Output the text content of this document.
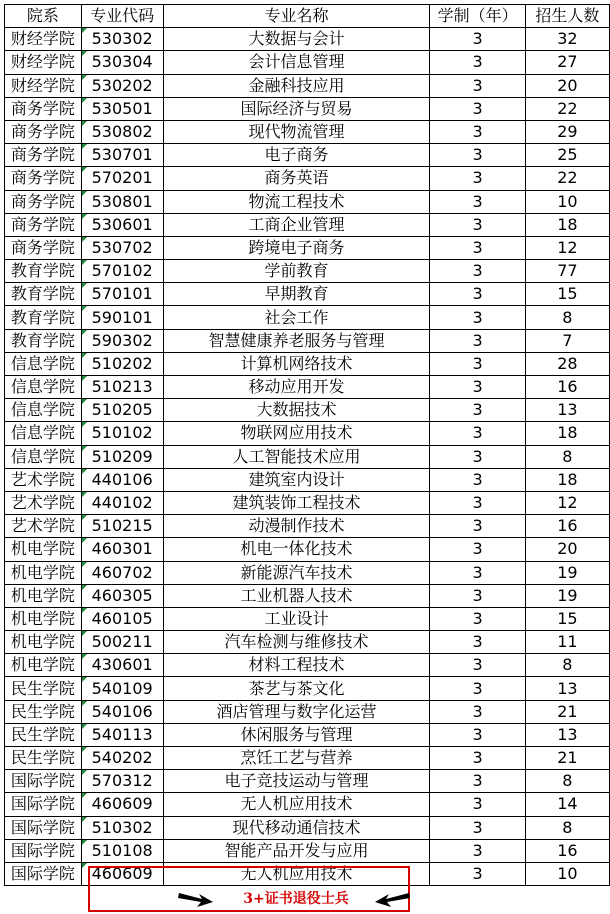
院系	专业代码	专业名称	学制（年）	招生人数
财经学院	530302	大数据与会计	3	32
财经学院	530304	会计信息管理	3	27
财经学院	530202	金融科技应用	3	20
商务学院	530501	国际经济与贸易	3	22
商务学院	530802	现代物流管理	3	29
商务学院	530701	电子商务	3	25
商务学院	570201	商务英语	3	22
商务学院	530801	物流工程技术	3	10
商务学院	530601	工商企业管理	3	18
商务学院	530702	跨境电子商务	3	12
教育学院	570102	学前教育	3	77
教育学院	570101	早期教育	3	15
教育学院	590101	社会工作	3	8
教育学院	590302	智慧健康养老服务与管理	3	7
信息学院	510202	计算机网络技术	3	28
信息学院	510213	移动应用开发	3	16
信息学院	510205	大数据技术	3	13
信息学院	510102	物联网应用技术	3	18
信息学院	510209	人工智能技术应用	3	8
艺术学院	440106	建筑室内设计	3	18
艺术学院	440102	建筑装饰工程技术	3	12
艺术学院	510215	动漫制作技术	3	16
机电学院	460301	机电一体化技术	3	20
机电学院	460702	新能源汽车技术	3	19
机电学院	460305	工业机器人技术	3	19
机电学院	460105	工业设计	3	15
机电学院	500211	汽车检测与维修技术	3	11
机电学院	430601	材料工程技术	3	8
民生学院	540109	茶艺与茶文化	3	13
民生学院	540106	酒店管理与数字化运营	3	21
民生学院	540113	休闲服务与管理	3	13
民生学院	540202	烹饪工艺与营养	3	21
国际学院	570312	电子竞技运动与管理	3	8
国际学院	460609	无人机应用技术	3	14
国际学院	510302	现代移动通信技术	3	8
国际学院	510108	智能产品开发与应用	3	16
国际学院	460609	无人机应用技术	3	10
3+证书退役士兵
